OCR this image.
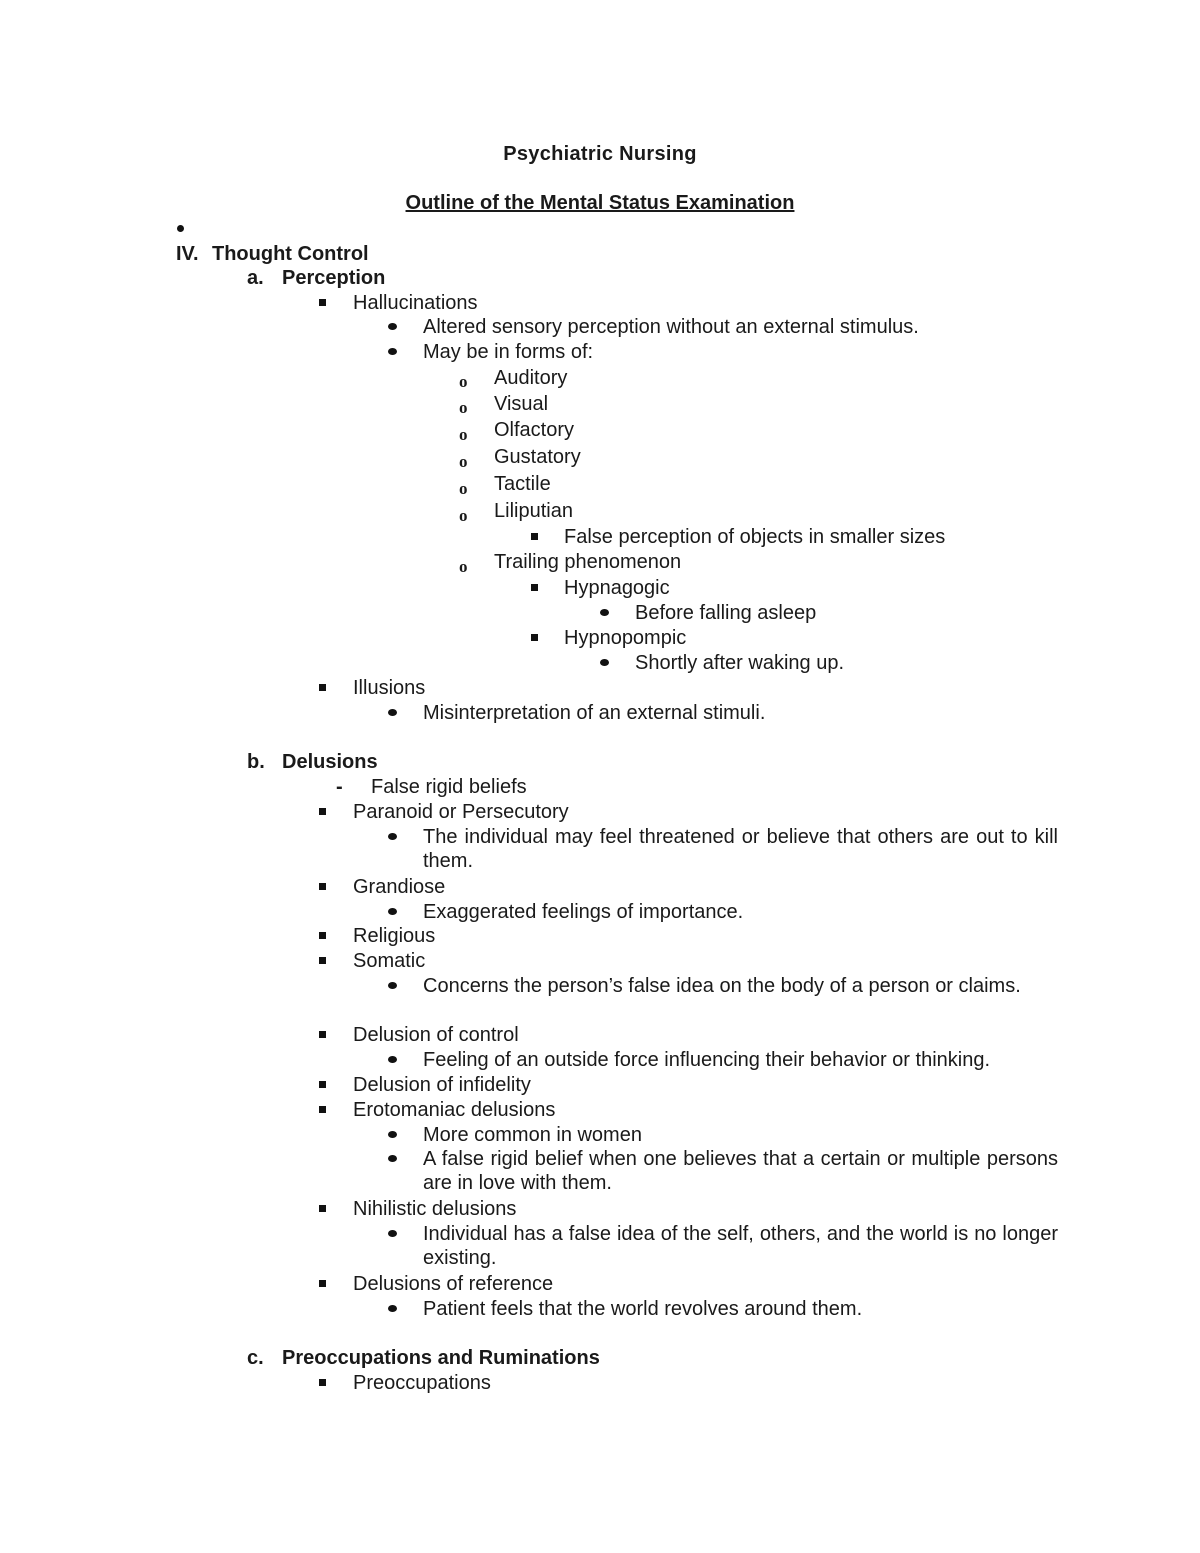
Psychiatric Nursing
Outline of the Mental Status Examination
IV. Thought Control
a. Perception
Hallucinations
Altered sensory perception without an external stimulus.
May be in forms of:
o Auditory
o Visual
o Olfactory
o Gustatory
o Tactile
o Liliputian
False perception of objects in smaller sizes
o Trailing phenomenon
Hypnagogic
Before falling asleep
Hypnopompic
Shortly after waking up.
Illusions
Misinterpretation of an external stimuli.
b. Delusions
- False rigid beliefs
Paranoid or Persecutory
The individual may feel threatened or believe that others are out to kill them.
Grandiose
Exaggerated feelings of importance.
Religious
Somatic
Concerns the person’s false idea on the body of a person or claims.
Delusion of control
Feeling of an outside force influencing their behavior or thinking.
Delusion of infidelity
Erotomaniac delusions
More common in women
A false rigid belief when one believes that a certain or multiple persons are in love with them.
Nihilistic delusions
Individual has a false idea of the self, others, and the world is no longer existing.
Delusions of reference
Patient feels that the world revolves around them.
c. Preoccupations and Ruminations
Preoccupations
